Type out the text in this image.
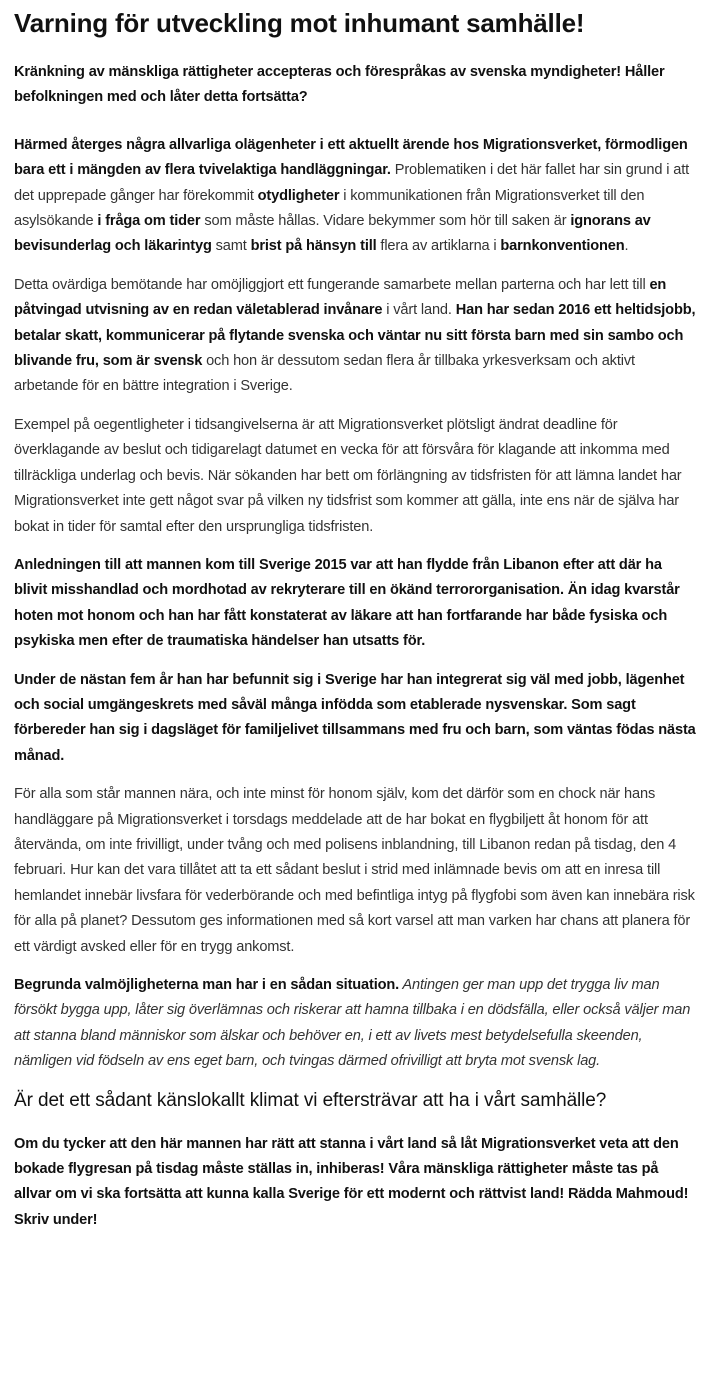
Varning för utveckling mot inhumant samhälle!

Kränkning av mänskliga rättigheter accepteras och förespråkas av svenska myndigheter! Håller befolkningen med och låter detta fortsätta?

Härmed återges några allvarliga olägenheter i ett aktuellt ärende hos Migrationsverket, förmodligen bara ett i mängden av flera tvivelaktiga handläggningar. Problematiken i det här fallet har sin grund i att det upprepade gånger har förekommit otydligheter i kommunikationen från Migrationsverket till den asylsökande i fråga om tider som måste hållas. Vidare bekymmer som hör till saken är ignorans av bevisunderlag och läkarintyg samt brist på hänsyn till flera av artiklarna i barnkonventionen.

Detta ovärdiga bemötande har omöjliggjort ett fungerande samarbete mellan parterna och har lett till en påtvingad utvisning av en redan väletablerad invånare i vårt land. Han har sedan 2016 ett heltidsjobb, betalar skatt, kommunicerar på flytande svenska och väntar nu sitt första barn med sin sambo och blivande fru, som är svensk och hon är dessutom sedan flera år tillbaka yrkesverksam och aktivt arbetande för en bättre integration i Sverige.

Exempel på oegentligheter i tidsangivelserna är att Migrationsverket plötsligt ändrat deadline för överklagande av beslut och tidigarelagt datumet en vecka för att försvåra för klagande att inkomma med tillräckliga underlag och bevis. När sökanden har bett om förlängning av tidsfristen för att lämna landet har Migrationsverket inte gett något svar på vilken ny tidsfrist som kommer att gälla, inte ens när de själva har bokat in tider för samtal efter den ursprungliga tidsfristen.

Anledningen till att mannen kom till Sverige 2015 var att han flydde från Libanon efter att där ha blivit misshandlad och mordhotad av rekryterare till en ökänd terrororganisation. Än idag kvarstår hoten mot honom och han har fått konstaterat av läkare att han fortfarande har både fysiska och psykiska men efter de traumatiska händelser han utsatts för.

Under de nästan fem år han har befunnit sig i Sverige har han integrerat sig väl med jobb, lägenhet och social umgängeskrets med såväl många infödda som etablerade nysvenskar. Som sagt förbereder han sig i dagsläget för familjelivet tillsammans med fru och barn, som väntas födas nästa månad.

För alla som står mannen nära, och inte minst för honom själv, kom det därför som en chock när hans handläggare på Migrationsverket i torsdags meddelade att de har bokat en flygbiljett åt honom för att återvända, om inte frivilligt, under tvång och med polisens inblandning, till Libanon redan på tisdag, den 4 februari. Hur kan det vara tillåtet att ta ett sådant beslut i strid med inlämnade bevis om att en inresa till hemlandet innebär livsfara för vederbörande och med befintliga intyg på flygfobi som även kan innebära risk för alla på planet? Dessutom ges informationen med så kort varsel att man varken har chans att planera för ett värdigt avsked eller för en trygg ankomst.

Begrunda valmöjligheterna man har i en sådan situation. Antingen ger man upp det trygga liv man försökt bygga upp, låter sig överlämnas och riskerar att hamna tillbaka i en dödsfälla, eller också väljer man att stanna bland människor som älskar och behöver en, i ett av livets mest betydelsefulla skeenden, nämligen vid födseln av ens eget barn, och tvingas därmed ofrivilligt att bryta mot svensk lag.

Är det ett sådant känslokallt klimat vi eftersträvar att ha i vårt samhälle?

Om du tycker att den här mannen har rätt att stanna i vårt land så låt Migrationsverket veta att den bokade flygresan på tisdag måste ställas in, inhiberas! Våra mänskliga rättigheter måste tas på allvar om vi ska fortsätta att kunna kalla Sverige för ett modernt och rättvist land! Rädda Mahmoud! Skriv under!
